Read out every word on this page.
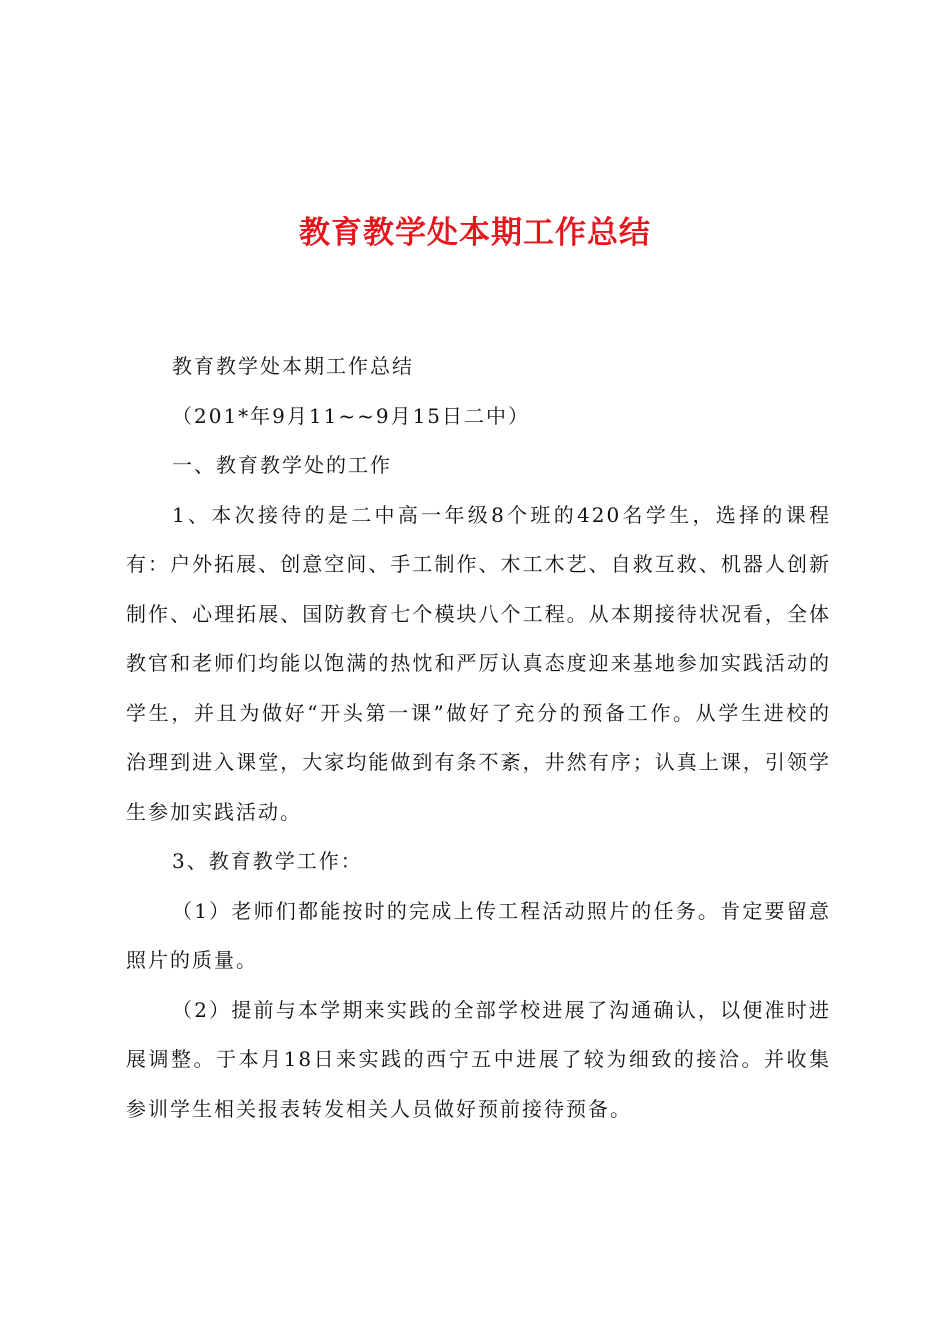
教育教学处本期工作总结

教育教学处本期工作总结

（201*年9月11~~9月15日二中）

一、教育教学处的工作

1、本次接待的是二中高一年级8个班的420名学生，选择的课程有：户外拓展、创意空间、手工制作、木工木艺、自救互救、机器人创新制作、心理拓展、国防教育七个模块八个工程。从本期接待状况看，全体教官和老师们均能以饱满的热忱和严厉认真态度迎来基地参加实践活动的学生，并且为做好“开头第一课”做好了充分的预备工作。从学生进校的治理到进入课堂，大家均能做到有条不紊，井然有序；认真上课，引领学生参加实践活动。

3、教育教学工作：

（1）老师们都能按时的完成上传工程活动照片的任务。肯定要留意照片的质量。

（2）提前与本学期来实践的全部学校进展了沟通确认，以便准时进展调整。于本月18日来实践的西宁五中进展了较为细致的接洽。并收集参训学生相关报表转发相关人员做好预前接待预备。
